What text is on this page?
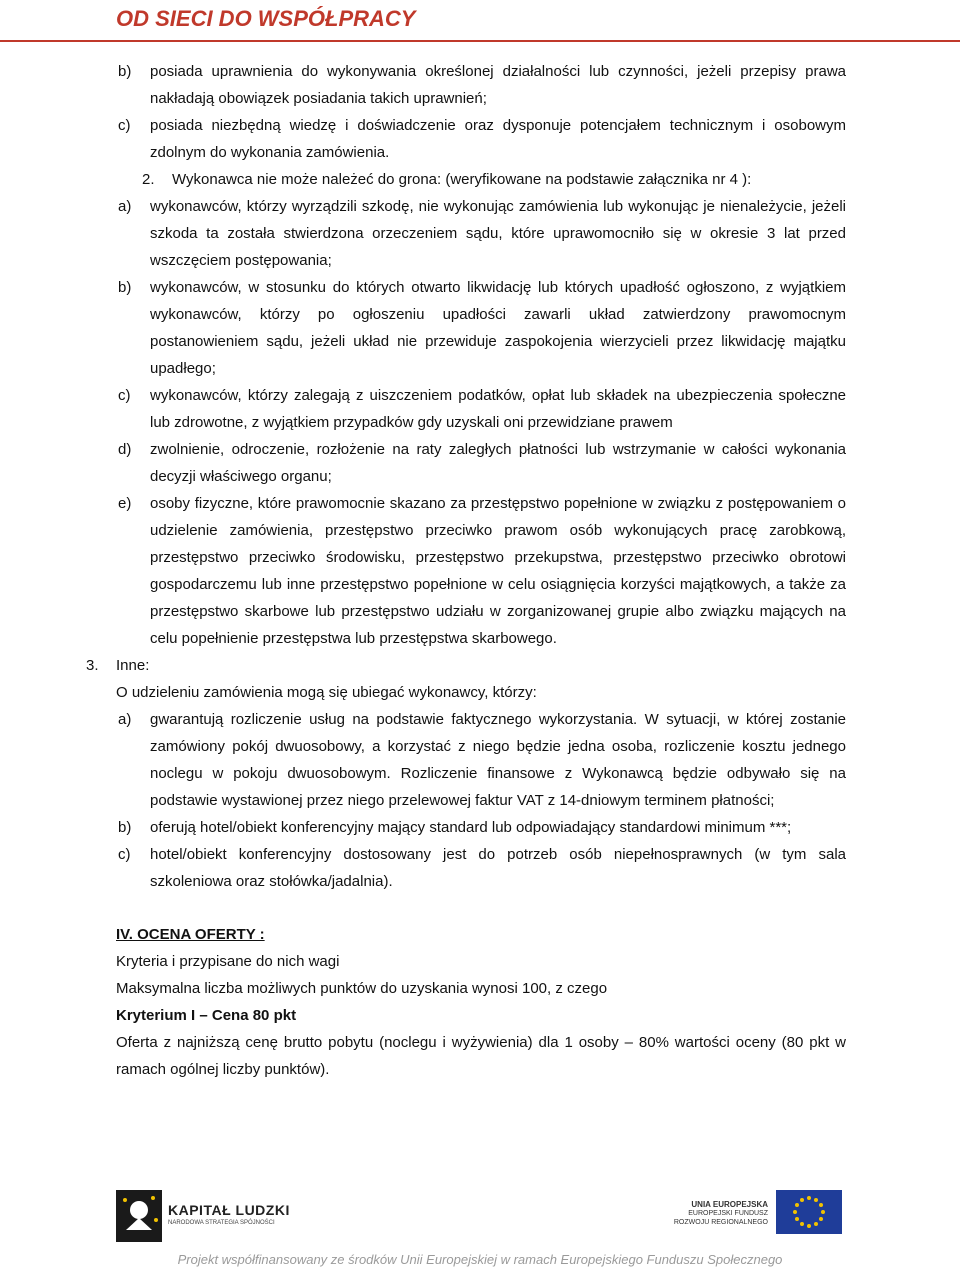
OD SIECI DO WSPÓŁPRACY
b) posiada uprawnienia do wykonywania określonej działalności lub czynności, jeżeli przepisy prawa nakładają obowiązek posiadania takich uprawnień;
c) posiada niezbędną wiedzę i doświadczenie oraz dysponuje potencjałem technicznym i osobowym zdolnym do wykonania zamówienia.
2. Wykonawca nie może należeć do grona: (weryfikowane na podstawie załącznika nr 4 ):
a) wykonawców, którzy wyrządzili szkodę, nie wykonując zamówienia lub wykonując je nienależycie, jeżeli szkoda ta została stwierdzona orzeczeniem sądu, które uprawomocniło się w okresie 3 lat przed wszczęciem postępowania;
b) wykonawców, w stosunku do których otwarto likwidację lub których upadłość ogłoszono, z wyjątkiem wykonawców, którzy po ogłoszeniu upadłości zawarli układ zatwierdzony prawomocnym postanowieniem sądu, jeżeli układ nie przewiduje zaspokojenia wierzycieli przez likwidację majątku upadłego;
c) wykonawców, którzy zalegają z uiszczeniem podatków, opłat lub składek na ubezpieczenia społeczne lub zdrowotne, z wyjątkiem przypadków gdy uzyskali oni przewidziane prawem
d) zwolnienie, odroczenie, rozłożenie na raty zaległych płatności lub wstrzymanie w całości wykonania decyzji właściwego organu;
e) osoby fizyczne, które prawomocnie skazano za przestępstwo popełnione w związku z postępowaniem o udzielenie zamówienia, przestępstwo przeciwko prawom osób wykonujących pracę zarobkową, przestępstwo przeciwko środowisku, przestępstwo przekupstwa, przestępstwo przeciwko obrotowi gospodarczemu lub inne przestępstwo popełnione w celu osiągnięcia korzyści majątkowych, a także za przestępstwo skarbowe lub przestępstwo udziału w zorganizowanej grupie albo związku mających na celu popełnienie przestępstwa lub przestępstwa skarbowego.
3. Inne:
O udzieleniu zamówienia mogą się ubiegać wykonawcy, którzy:
a) gwarantują rozliczenie usług na podstawie faktycznego wykorzystania. W sytuacji, w której zostanie zamówiony pokój dwuosobowy, a korzystać z niego będzie jedna osoba, rozliczenie kosztu jednego noclegu w pokoju dwuosobowym. Rozliczenie finansowe z Wykonawcą będzie odbywało się na podstawie wystawionej przez niego przelewowej faktur VAT z 14-dniowym terminem płatności;
b) oferują hotel/obiekt konferencyjny mający standard lub odpowiadający standardowi minimum ***;
c) hotel/obiekt konferencyjny dostosowany jest do potrzeb osób niepełnosprawnych (w tym sala szkoleniowa oraz stołówka/jadalnia).
IV. OCENA OFERTY :
Kryteria i przypisane do nich wagi
Maksymalna liczba możliwych punktów do uzyskania wynosi 100, z czego
Kryterium I – Cena 80 pkt
Oferta z najniższą cenę brutto pobytu (noclegu i wyżywienia) dla 1 osoby – 80% wartości oceny (80 pkt w ramach ogólnej liczby punktów).
KAPITAŁ LUDZKI
NARODOWA STRATEGIA SPÓJNOŚCI
UNIA EUROPEJSKA
EUROPEJSKI FUNDUSZ
ROZWOJU REGIONALNEGO
Projekt współfinansowany ze środków Unii Europejskiej w ramach Europejskiego Funduszu Społecznego
